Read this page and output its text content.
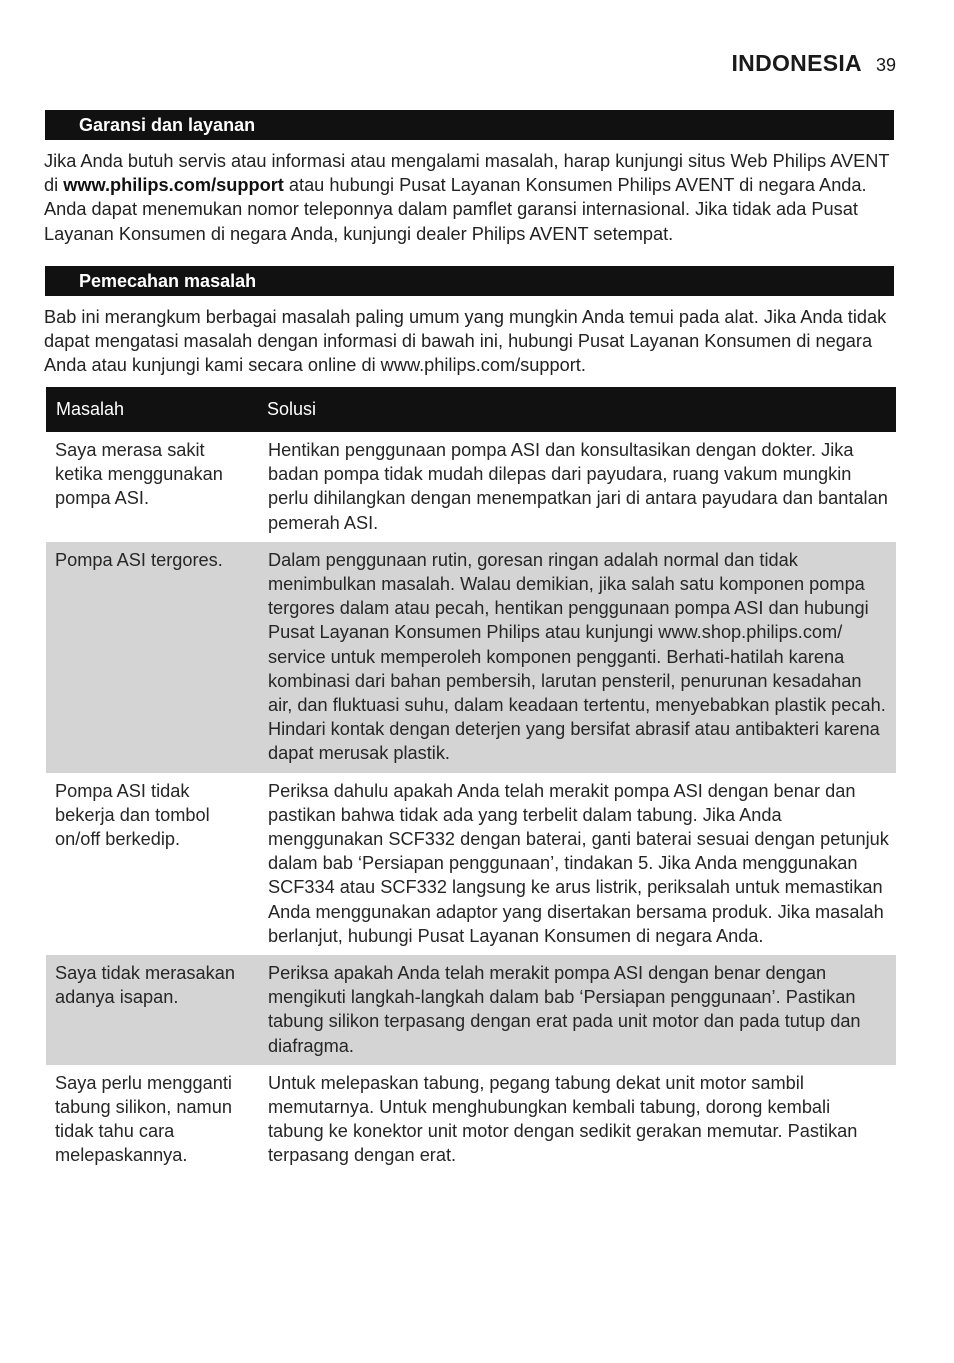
INDONESIA 39
Garansi dan layanan

Jika Anda butuh servis atau informasi atau mengalami masalah, harap kunjungi situs Web Philips AVENT di www.philips.com/support atau hubungi Pusat Layanan Konsumen Philips AVENT di negara Anda. Anda dapat menemukan nomor teleponnya dalam pamflet garansi internasional. Jika tidak ada Pusat Layanan Konsumen di negara Anda, kunjungi dealer Philips AVENT setempat.

Pemecahan masalah

Bab ini merangkum berbagai masalah paling umum yang mungkin Anda temui pada alat. Jika Anda tidak dapat mengatasi masalah dengan informasi di bawah ini, hubungi Pusat Layanan Konsumen di negara Anda atau kunjungi kami secara online di www.philips.com/support.

Masalah	Solusi
Saya merasa sakit ketika menggunakan pompa ASI.	Hentikan penggunaan pompa ASI dan konsultasikan dengan dokter. Jika badan pompa tidak mudah dilepas dari payudara, ruang vakum mungkin perlu dihilangkan dengan menempatkan jari di antara payudara dan bantalan pemerah ASI.
Pompa ASI tergores.	Dalam penggunaan rutin, goresan ringan adalah normal dan tidak menimbulkan masalah. Walau demikian, jika salah satu komponen pompa tergores dalam atau pecah, hentikan penggunaan pompa ASI dan hubungi Pusat Layanan Konsumen Philips atau kunjungi www.shop.philips.com/ service untuk memperoleh komponen pengganti. Berhati-hatilah karena kombinasi dari bahan pembersih, larutan pensteril, penurunan kesadahan air, dan fluktuasi suhu, dalam keadaan tertentu, menyebabkan plastik pecah. Hindari kontak dengan deterjen yang bersifat abrasif atau antibakteri karena dapat merusak plastik.
Pompa ASI tidak bekerja dan tombol on/off berkedip.	Periksa dahulu apakah Anda telah merakit pompa ASI dengan benar dan pastikan bahwa tidak ada yang terbelit dalam tabung. Jika Anda menggunakan SCF332 dengan baterai, ganti baterai sesuai dengan petunjuk dalam bab ‘Persiapan penggunaan’, tindakan 5. Jika Anda menggunakan SCF334 atau SCF332 langsung ke arus listrik, periksalah untuk memastikan Anda menggunakan adaptor yang disertakan bersama produk. Jika masalah berlanjut, hubungi Pusat Layanan Konsumen di negara Anda.
Saya tidak merasakan adanya isapan.	Periksa apakah Anda telah merakit pompa ASI dengan benar dengan mengikuti langkah-langkah dalam bab ‘Persiapan penggunaan’. Pastikan tabung silikon terpasang dengan erat pada unit motor dan pada tutup dan diafragma.
Saya perlu mengganti tabung silikon, namun tidak tahu cara melepaskannya.	Untuk melepaskan tabung, pegang tabung dekat unit motor sambil memutarnya. Untuk menghubungkan kembali tabung, dorong kembali tabung ke konektor unit motor dengan sedikit gerakan memutar. Pastikan terpasang dengan erat.
